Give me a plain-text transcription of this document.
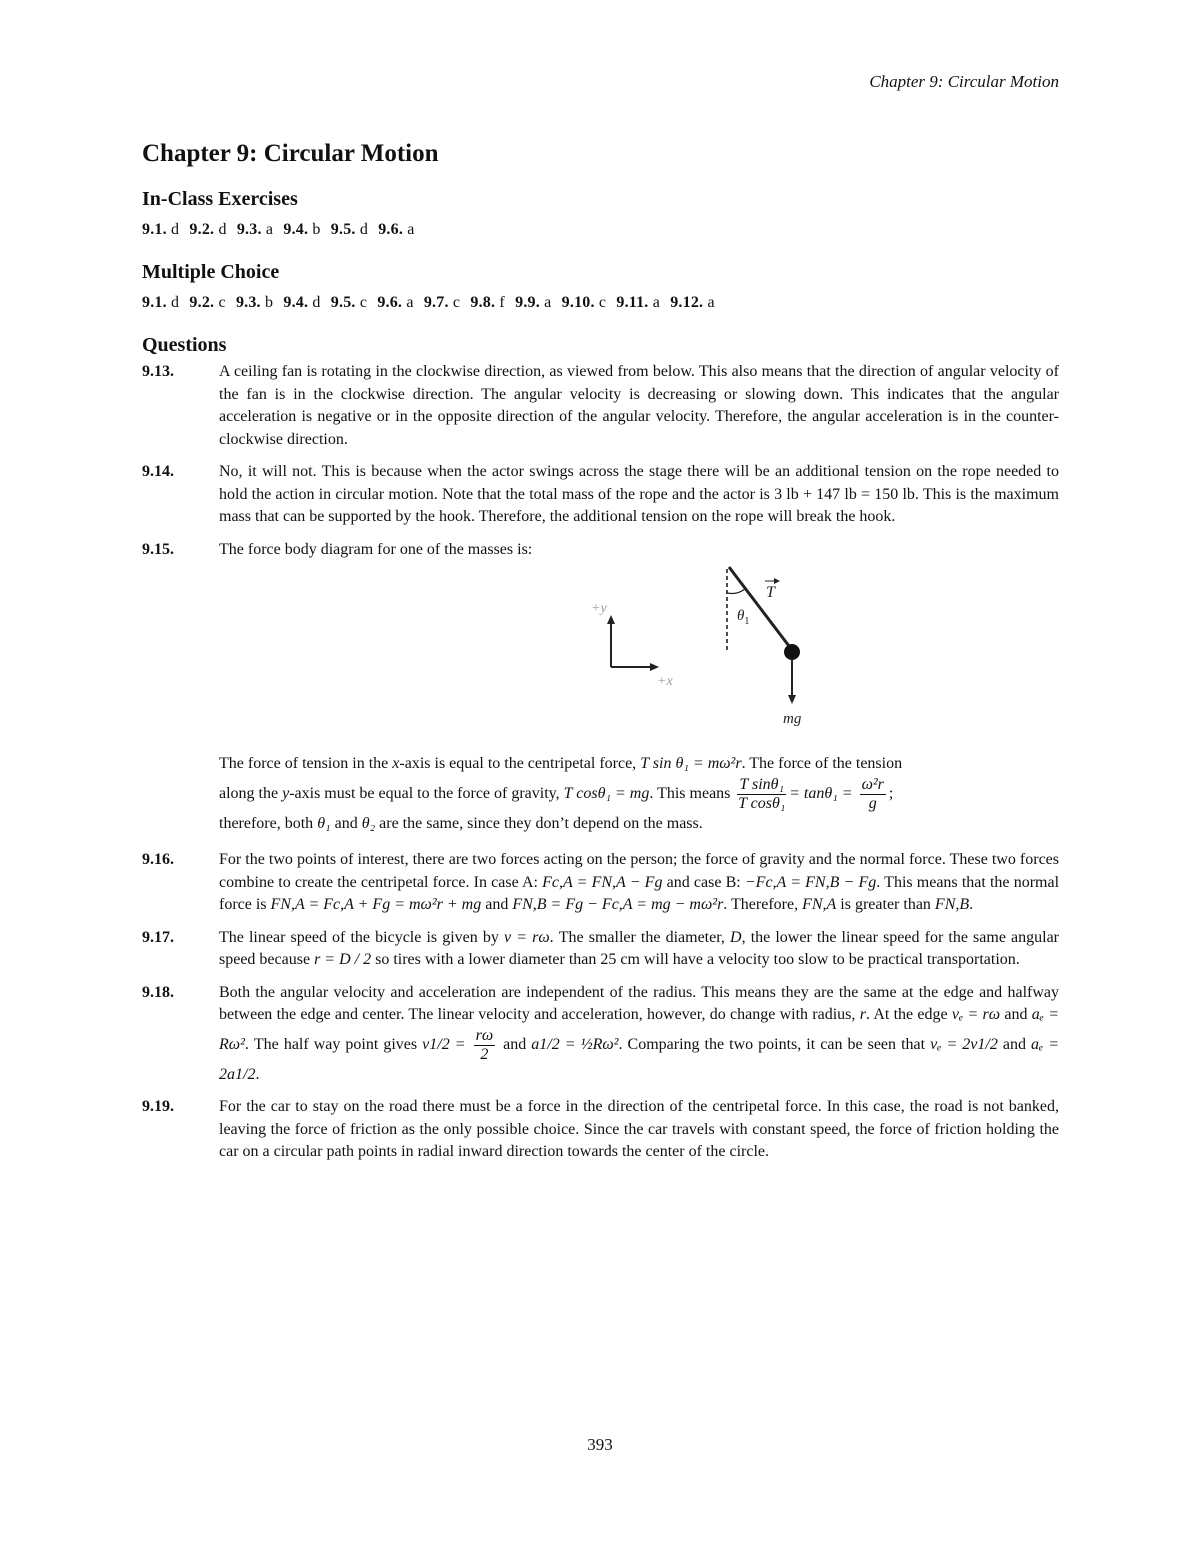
Chapter 9: Circular Motion
Chapter 9: Circular Motion
In-Class Exercises
9.1. d 9.2. d 9.3. a 9.4. b 9.5. d 9.6. a
Multiple Choice
9.1. d 9.2. c 9.3. b 9.4. d 9.5. c 9.6. a 9.7. c 9.8. f 9.9. a 9.10. c 9.11. a 9.12. a
Questions
9.13.	A ceiling fan is rotating in the clockwise direction, as viewed from below. This also means that the direction of angular velocity of the fan is in the clockwise direction. The angular velocity is decreasing or slowing down. This indicates that the angular acceleration is negative or in the opposite direction of the angular velocity. Therefore, the angular acceleration is in the counter-clockwise direction.

9.14.	No, it will not. This is because when the actor swings across the stage there will be an additional tension on the rope needed to hold the action in circular motion. Note that the total mass of the rope and the actor is 3 lb + 147 lb = 150 lb. This is the maximum mass that can be supported by the hook. Therefore, the additional tension on the rope will break the hook.

9.15.	The force body diagram for one of the masses is:

+y
+x
$\theta_1$
T
mg

The force of tension in the x-axis is equal to the centripetal force, T sin θ₁ = mω²r. The force of the tension

along the y-axis must be equal to the force of gravity, T cosθ₁ = mg. This means $\frac{\text{T sinθ₁}}{\text{T cosθ₁}} = \tan\theta_1 = \frac{\text{ω²r}}{g}$ ;

therefore, both θ₁ and θ₂ are the same, since they don’t depend on the mass.

9.16.	For the two points of interest, there are two forces acting on the person; the force of gravity and the normal force. These two forces combine to create the centripetal force. In case A: Fc,A = FN,A − Fg and case B: −Fc,A = FN,B − Fg. This means that the normal force is FN,A = Fc,A + Fg = mω²r + mg and FN,B = Fg − Fc,A = mg − mω²r. Therefore, FN,A is greater than FN,B.

9.17.	The linear speed of the bicycle is given by v = rω. The smaller the diameter, D, the lower the linear speed for the same angular speed because r = D / 2 so tires with a lower diameter than 25 cm will have a velocity too slow to be practical transportation.

9.18.	Both the angular velocity and acceleration are independent of the radius. This means they are the same at the edge and halfway between the edge and center. The linear velocity and acceleration, however, do change with radius, r. At the edge vₑ = rω and aₑ = Rω². The half way point gives $v1/2 = \frac{r\omega}{2}$ and a1/2 = ½Rω². Comparing the two points, it can be seen that vₑ = 2v1/2 and aₑ = 2a1/2.

9.19.	For the car to stay on the road there must be a force in the direction of the centripetal force. In this case, the road is not banked, leaving the force of friction as the only possible choice. Since the car travels with constant speed, the force of friction holding the car on a circular path points in radial inward direction towards the center of the circle.

393
